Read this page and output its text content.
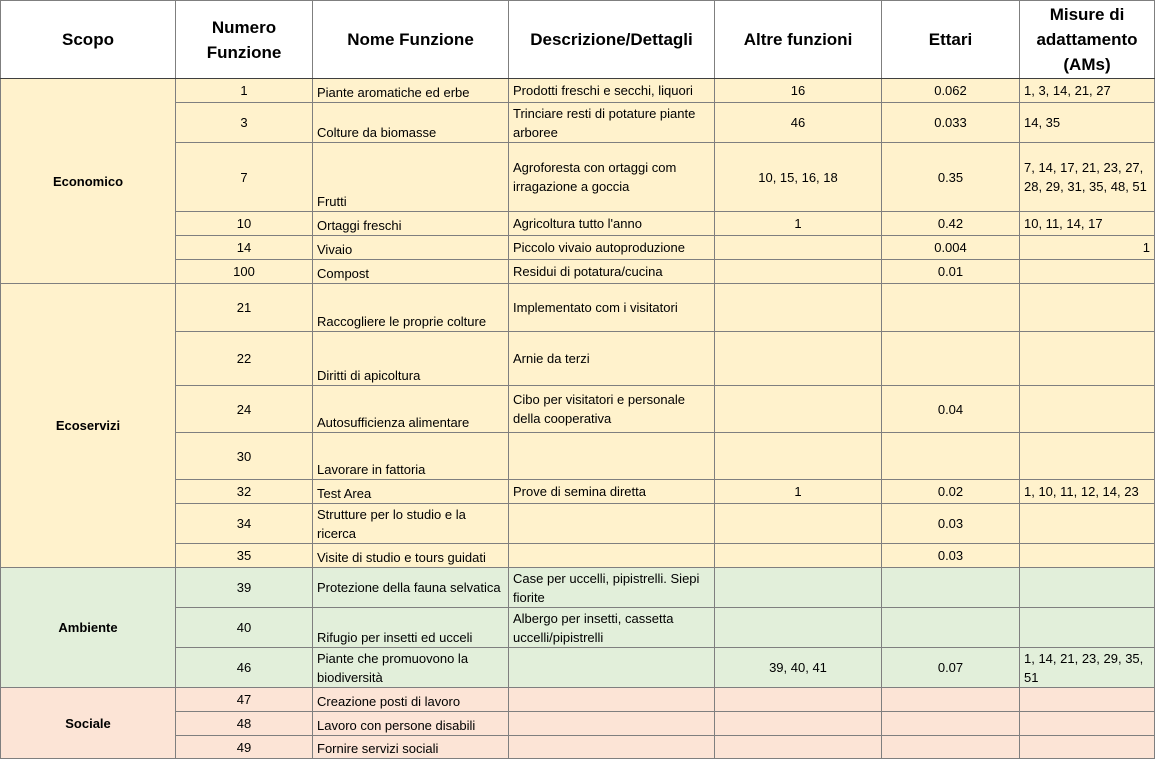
Scopo	Numero Funzione	Nome Funzione	Descrizione/Dettagli	Altre funzioni	Ettari	Misure di adattamento (AMs)
Economico	1	Piante aromatiche ed erbe	Prodotti freschi e secchi, liquori	16	0.062	1, 3, 14, 21, 27
	3	Colture da biomasse	Trinciare resti di potature piante arboree	46	0.033	14, 35
	7	Frutti	Agroforesta con ortaggi com irragazione a goccia	10, 15, 16, 18	0.35	7, 14, 17, 21, 23, 27, 28, 29, 31, 35, 48, 51
	10	Ortaggi freschi	Agricoltura tutto l'anno	1	0.42	10, 11, 14, 17
	14	Vivaio	Piccolo vivaio autoproduzione		0.004	1
	100	Compost	Residui di potatura/cucina		0.01	
Ecoservizi	21	Raccogliere le proprie colture	Implementato com i visitatori			
	22	Diritti di apicoltura	Arnie da terzi			
	24	Autosufficienza alimentare	Cibo per visitatori e personale della cooperativa		0.04	
	30	Lavorare in fattoria				
	32	Test Area	Prove di semina diretta	1	0.02	1, 10, 11, 12, 14, 23
	34	Strutture per lo studio e la ricerca			0.03	
	35	Visite di studio e tours guidati			0.03	
Ambiente	39	Protezione della fauna selvatica	Case per uccelli, pipistrelli. Siepi fiorite			
	40	Rifugio per insetti ed ucceli	Albergo per insetti, cassetta uccelli/pipistrelli			
	46	Piante che promuovono la biodiversità		39, 40, 41	0.07	1, 14, 21, 23, 29, 35, 51
Sociale	47	Creazione posti di lavoro				
	48	Lavoro con persone disabili				
	49	Fornire servizi sociali				
